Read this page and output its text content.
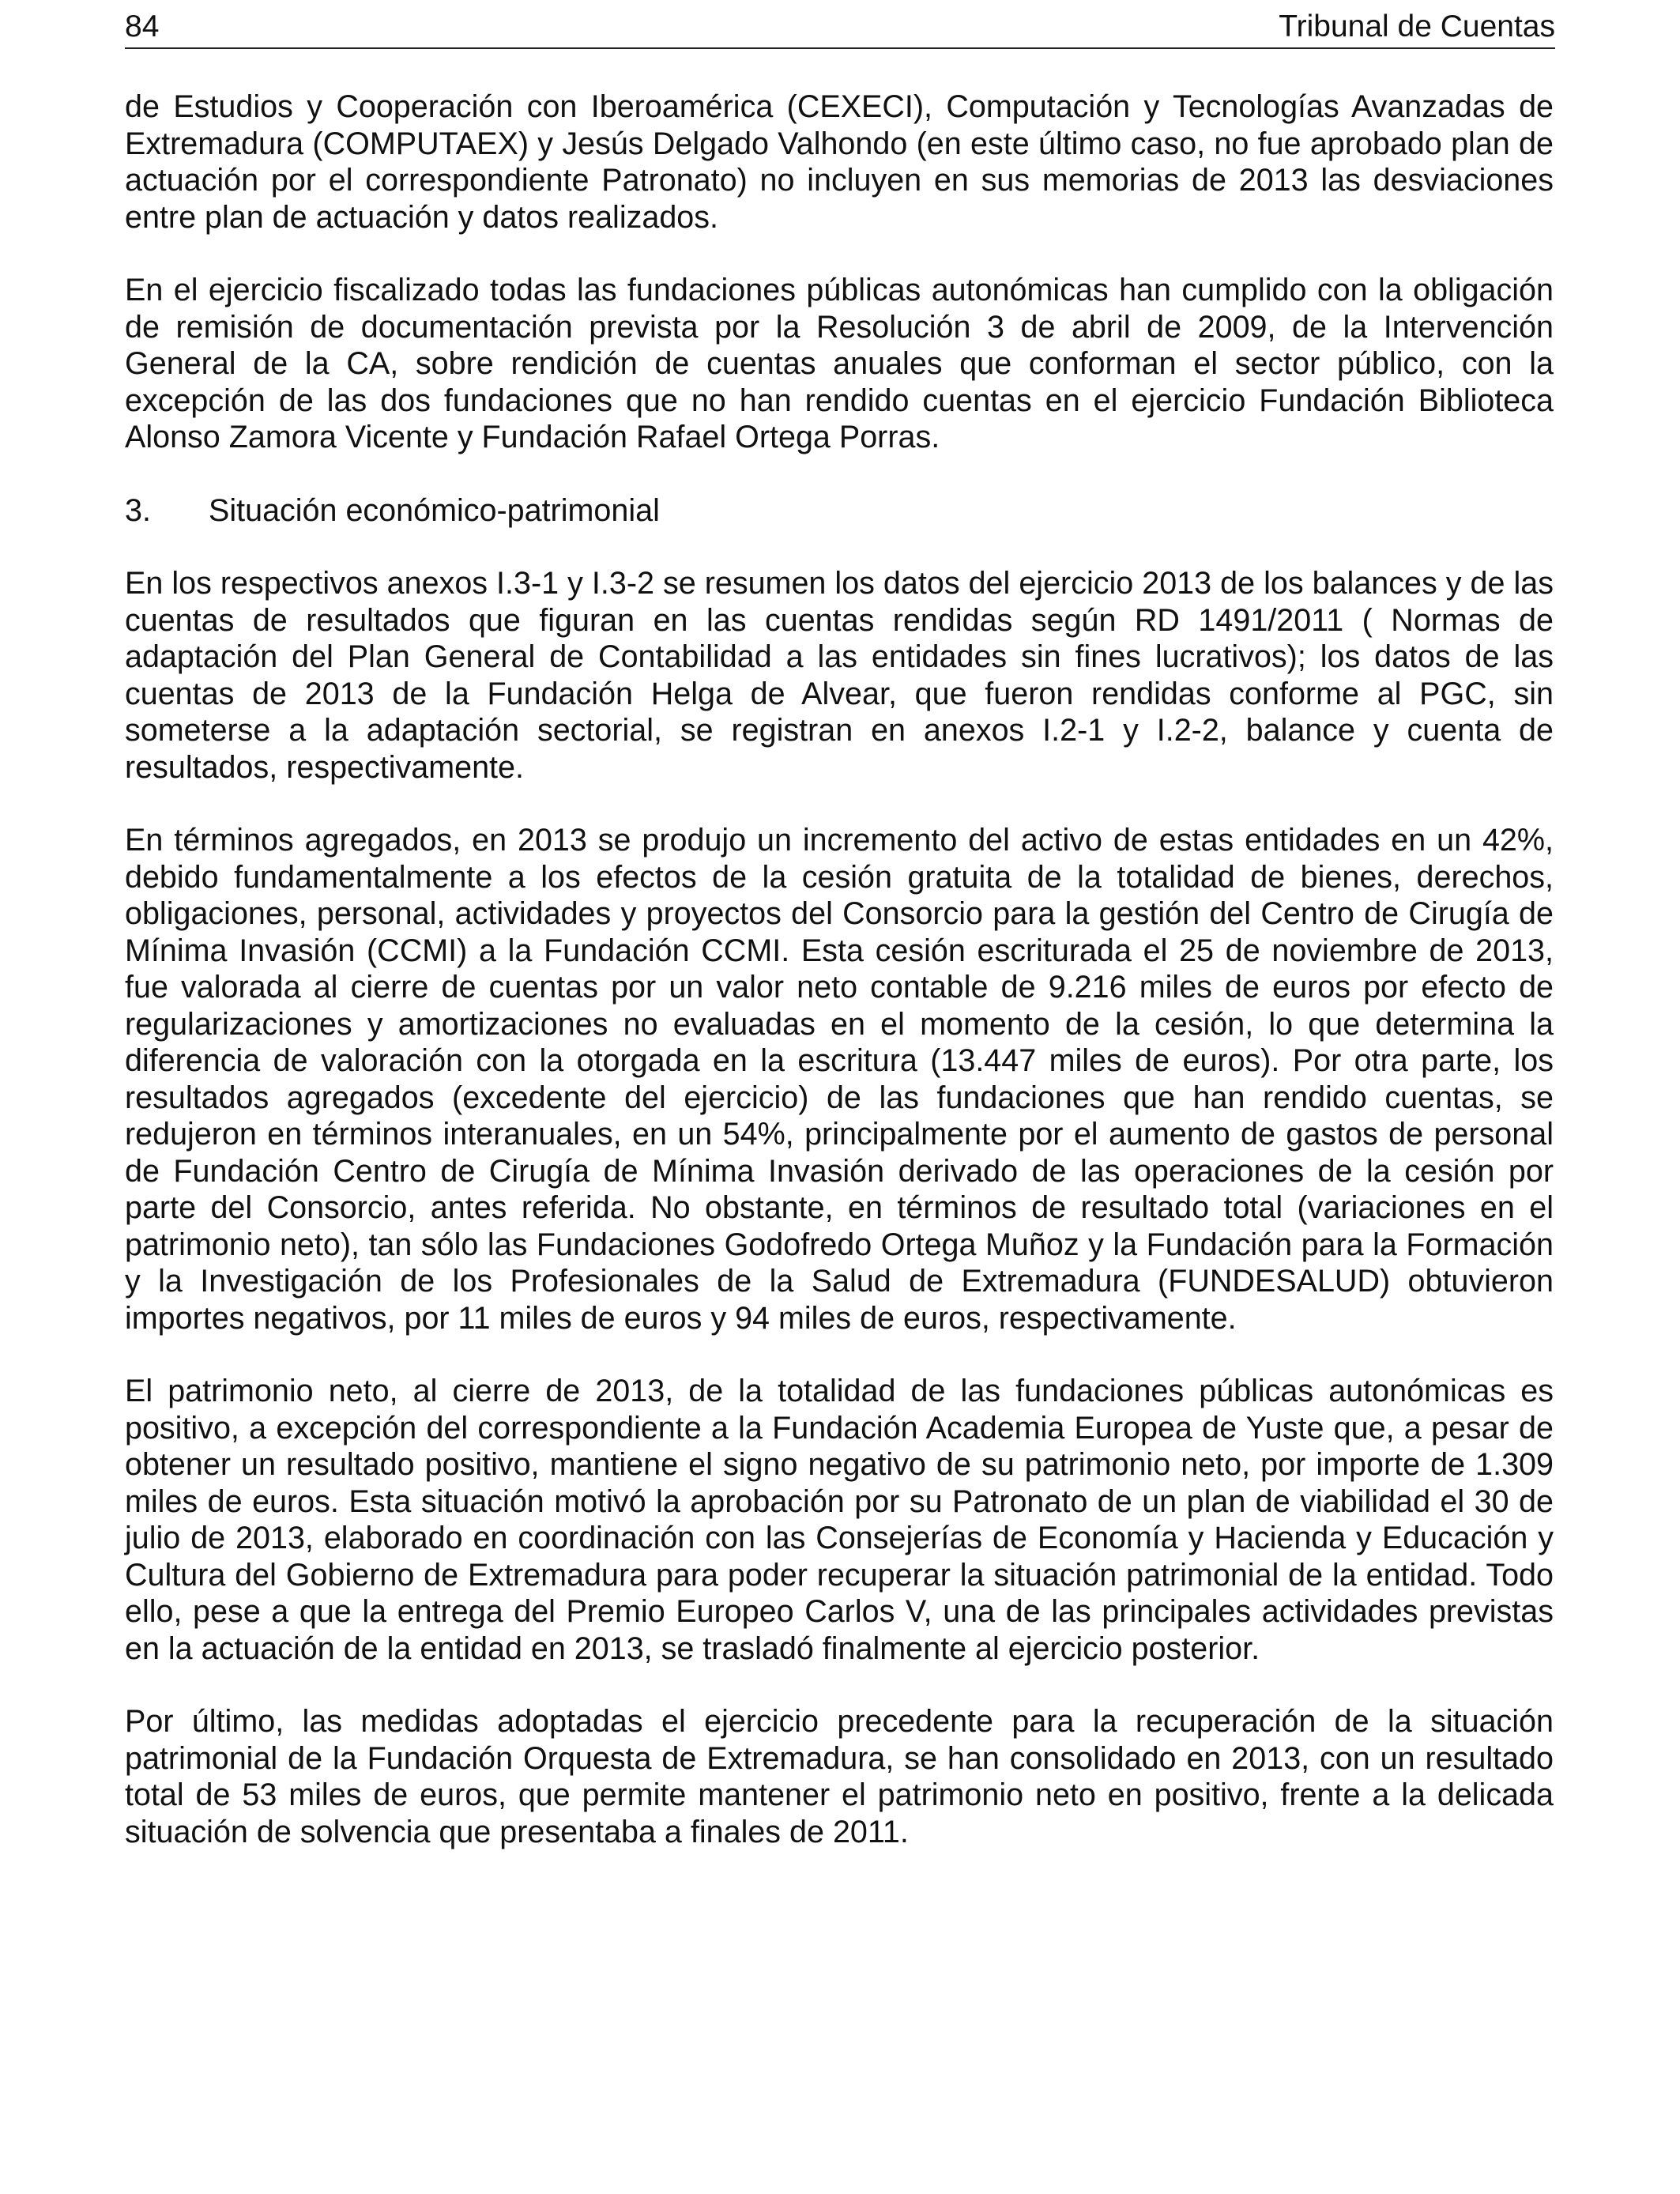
84	Tribunal de Cuentas

de Estudios y Cooperación con Iberoamérica (CEXECI), Computación y Tecnologías Avanzadas de Extremadura (COMPUTAEX) y Jesús Delgado Valhondo (en este último caso, no fue aprobado plan de actuación por el correspondiente Patronato) no incluyen en sus memorias de 2013 las desviaciones entre plan de actuación y datos realizados.

En el ejercicio fiscalizado todas las fundaciones públicas autonómicas han cumplido con la obligación de remisión de documentación prevista por la Resolución 3 de abril de 2009, de la Intervención General de la CA, sobre rendición de cuentas anuales que conforman el sector público, con la excepción de las dos fundaciones que no han rendido cuentas en el ejercicio Fundación Biblioteca Alonso Zamora Vicente y Fundación Rafael Ortega Porras.

3.	Situación económico-patrimonial

En los respectivos anexos I.3-1 y I.3-2 se resumen los datos del ejercicio 2013 de los balances y de las cuentas de resultados que figuran en las cuentas rendidas según RD 1491/2011 ( Normas de adaptación del Plan General de Contabilidad a las entidades sin fines lucrativos); los datos de las cuentas de 2013 de la Fundación Helga de Alvear, que fueron rendidas conforme al PGC, sin someterse a la adaptación sectorial, se registran en anexos I.2-1 y I.2-2, balance y cuenta de resultados, respectivamente.

En términos agregados, en 2013 se produjo un incremento del activo de estas entidades en un 42%, debido fundamentalmente a los efectos de la cesión gratuita de la totalidad de bienes, derechos, obligaciones, personal, actividades y proyectos del Consorcio para la gestión del Centro de Cirugía de Mínima Invasión (CCMI) a la Fundación CCMI. Esta cesión escriturada el 25 de noviembre de 2013, fue valorada al cierre de cuentas por un valor neto contable de 9.216 miles de euros por efecto de regularizaciones y amortizaciones no evaluadas en el momento de la cesión, lo que determina la diferencia de valoración con la otorgada en la escritura (13.447 miles de euros). Por otra parte, los resultados agregados (excedente del ejercicio) de las fundaciones que han rendido cuentas, se redujeron en términos interanuales, en un 54%, principalmente por el aumento de gastos de personal de Fundación Centro de Cirugía de Mínima Invasión derivado de las operaciones de la cesión por parte del Consorcio, antes referida. No obstante, en términos de resultado total (variaciones en el patrimonio neto), tan sólo las Fundaciones Godofredo Ortega Muñoz y la Fundación para la Formación y la Investigación de los Profesionales de la Salud de Extremadura (FUNDESALUD) obtuvieron importes negativos, por 11 miles de euros y 94 miles de euros, respectivamente.

El patrimonio neto, al cierre de 2013, de la totalidad de las fundaciones públicas autonómicas es positivo, a excepción del correspondiente a la Fundación Academia Europea de Yuste que, a pesar de obtener un resultado positivo, mantiene el signo negativo de su patrimonio neto, por importe de 1.309 miles de euros. Esta situación motivó la aprobación por su Patronato de un plan de viabilidad el 30 de julio de 2013, elaborado en coordinación con las Consejerías de Economía y Hacienda y Educación y Cultura del Gobierno de Extremadura para poder recuperar la situación patrimonial de la entidad. Todo ello, pese a que la entrega del Premio Europeo Carlos V, una de las principales actividades previstas en la actuación de la entidad en 2013, se trasladó finalmente al ejercicio posterior.

Por último, las medidas adoptadas el ejercicio precedente para la recuperación de la situación patrimonial de la Fundación Orquesta de Extremadura, se han consolidado en 2013, con un resultado total de 53 miles de euros, que permite mantener el patrimonio neto en positivo, frente a la delicada situación de solvencia que presentaba a finales de 2011.
